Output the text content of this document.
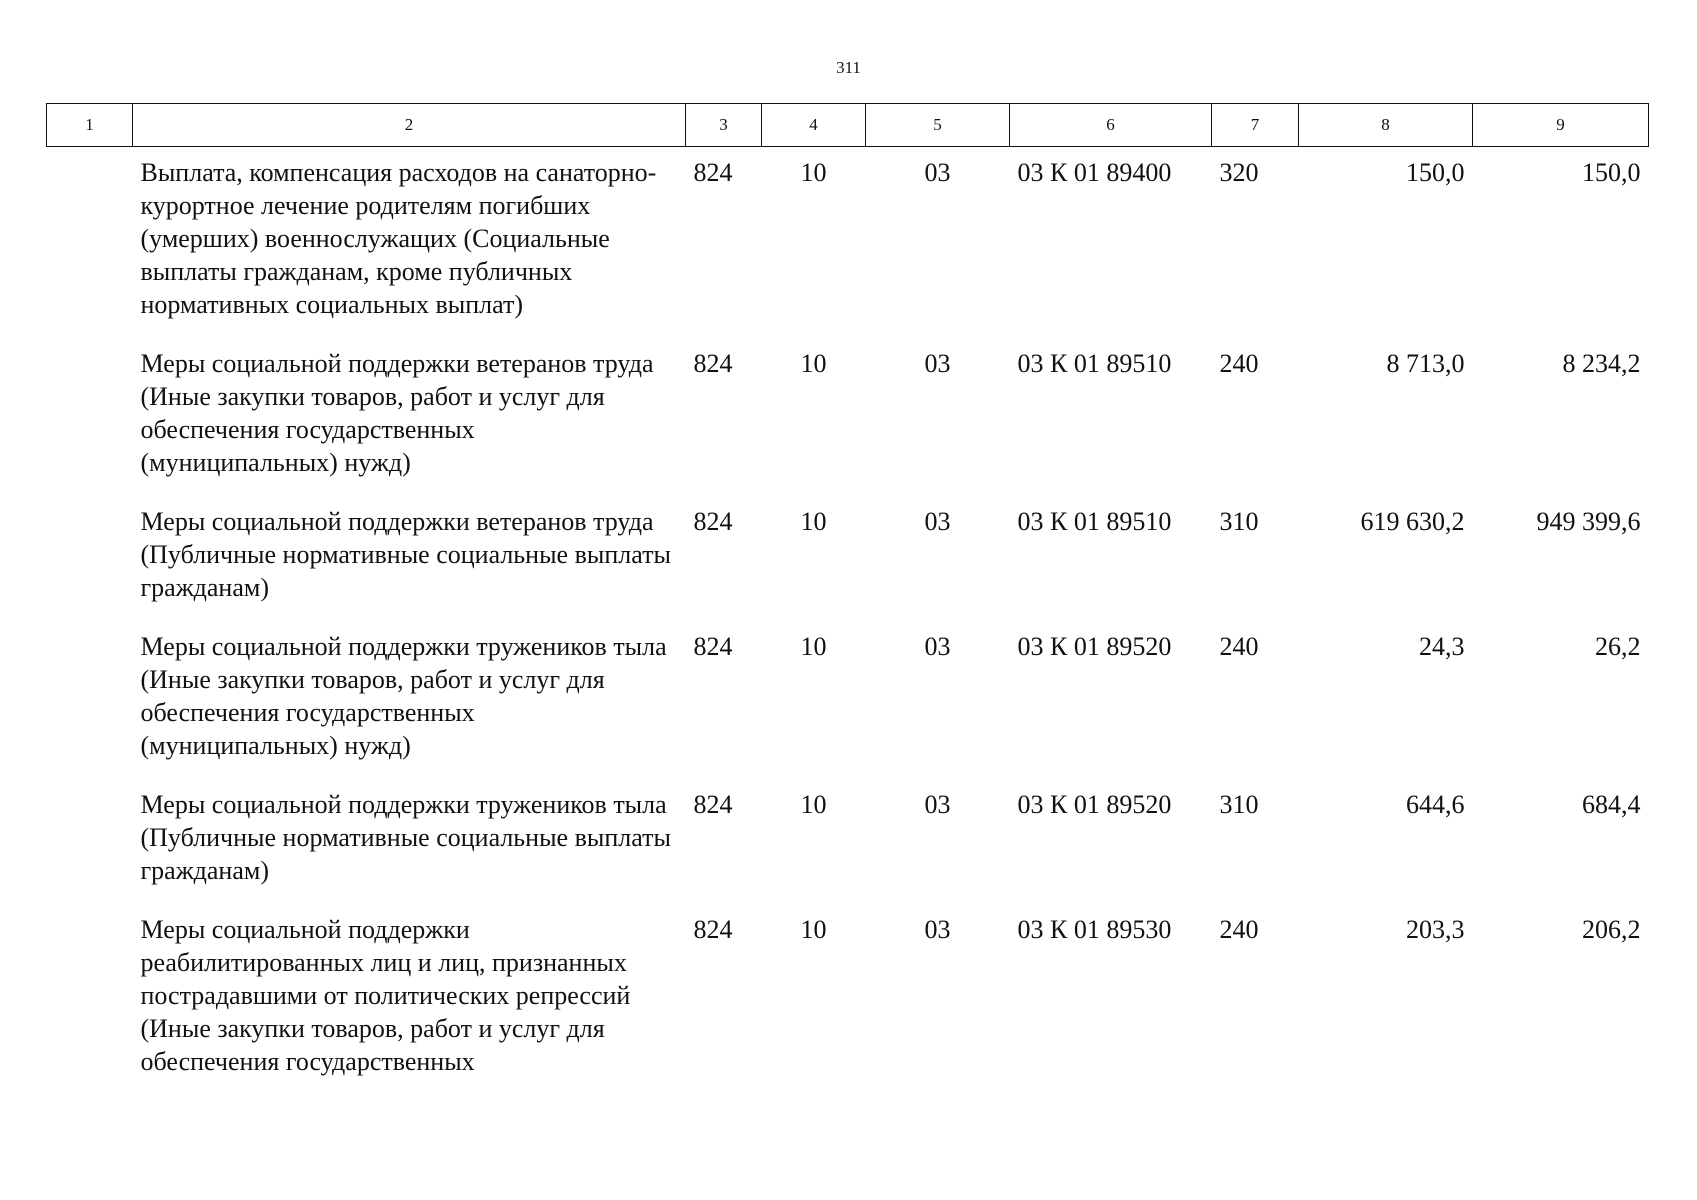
311
1	2	3	4	5	6	7	8	9
	Выплата, компенсация расходов на санаторно-курортное лечение родителям погибших (умерших) военнослужащих (Социальные выплаты гражданам, кроме публичных нормативных социальных выплат)	824	10	03	03 К 01 89400	320	150,0	150,0
	Меры социальной поддержки ветеранов труда (Иные закупки товаров, работ и услуг для обеспечения государственных (муниципальных) нужд)	824	10	03	03 К 01 89510	240	8 713,0	8 234,2
	Меры социальной поддержки ветеранов труда (Публичные нормативные социальные выплаты гражданам)	824	10	03	03 К 01 89510	310	619 630,2	949 399,6
	Меры социальной поддержки тружеников тыла (Иные закупки товаров, работ и услуг для обеспечения государственных (муниципальных) нужд)	824	10	03	03 К 01 89520	240	24,3	26,2
	Меры социальной поддержки тружеников тыла (Публичные нормативные социальные выплаты гражданам)	824	10	03	03 К 01 89520	310	644,6	684,4
	Меры социальной поддержки реабилитированных лиц и лиц, признанных пострадавшими от политических репрессий (Иные закупки товаров, работ и услуг для обеспечения государственных	824	10	03	03 К 01 89530	240	203,3	206,2
